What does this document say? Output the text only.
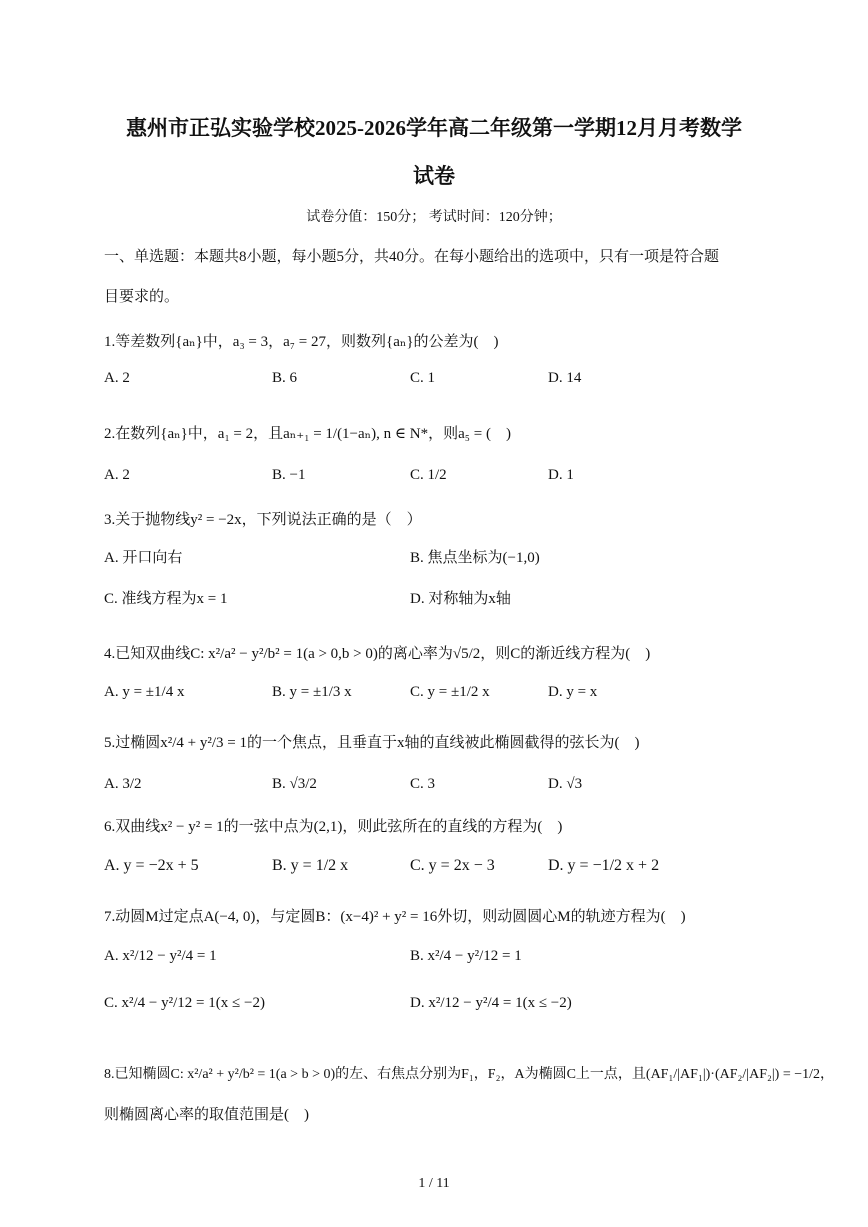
惠州市正弘实验学校2025-2026学年高二年级第一学期12月月考数学
试卷
试卷分值：150分； 考试时间：120分钟；
一、单选题：本题共8小题，每小题5分，共40分。在每小题给出的选项中，只有一项是符合题
目要求的。
1.等差数列{aₙ}中，a₃ = 3，a₇ = 27，则数列{aₙ}的公差为(　)
A. 2	B. 6	C. 1	D. 14
2.在数列{aₙ}中，a₁ = 2，且aₙ₊₁ = 1/(1−aₙ), n ∈ N*，则a₅ = (　)
A. 2	B. −1	C. 1/2	D. 1
3.关于抛物线y² = −2x，下列说法正确的是（　）
A. 开口向右	B. 焦点坐标为(−1,0)
C. 准线方程为x = 1	D. 对称轴为x轴
4.已知双曲线C: x²/a² − y²/b² = 1(a > 0,b > 0)的离心率为√5/2，则C的渐近线方程为(　)
A. y = ±1/4 x	B. y = ±1/3 x	C. y = ±1/2 x	D. y = x
5.过椭圆x²/4 + y²/3 = 1的一个焦点，且垂直于x轴的直线被此椭圆截得的弦长为(　)
A. 3/2	B. √3/2	C. 3	D. √3
6.双曲线x² − y² = 1的一弦中点为(2,1)，则此弦所在的直线的方程为(　)
A. y = −2x + 5	B. y = 1/2 x	C. y = 2x − 3	D. y = −1/2 x + 2
7.动圆M过定点A(−4, 0)，与定圆B：(x−4)² + y² = 16外切，则动圆圆心M的轨迹方程为(　)
A. x²/12 − y²/4 = 1	B. x²/4 − y²/12 = 1
C. x²/4 − y²/12 = 1(x ≤ −2)	D. x²/12 − y²/4 = 1(x ≤ −2)
8.已知椭圆C: x²/a² + y²/b² = 1(a > b > 0)的左、右焦点分别为F₁，F₂，A为椭圆C上一点，且(AF₁/|AF₁|)·(AF₂/|AF₂|) = −1/2，
则椭圆离心率的取值范围是(　)
1 / 11
